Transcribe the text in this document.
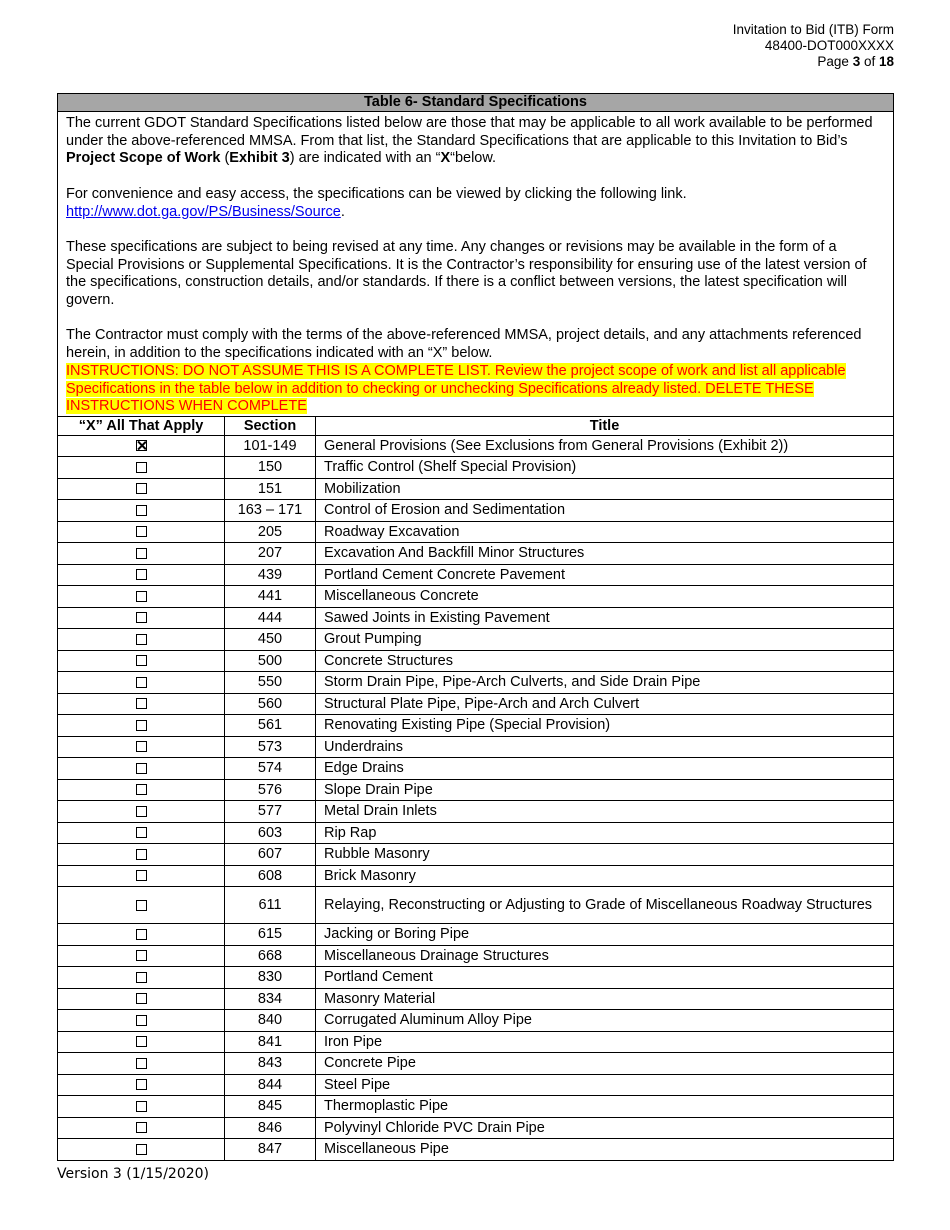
Invitation to Bid (ITB) Form
48400-DOT000XXXX
Page 3 of 18
Table 6- Standard Specifications

The current GDOT Standard Specifications listed below are those that may be applicable to all work available to be performed under the above-referenced MMSA. From that list, the Standard Specifications that are applicable to this Invitation to Bid’s Project Scope of Work (Exhibit 3) are indicated with an “X“below.

For convenience and easy access, the specifications can be viewed by clicking the following link.
http://www.dot.ga.gov/PS/Business/Source.

These specifications are subject to being revised at any time. Any changes or revisions may be available in the form of a Special Provisions or Supplemental Specifications. It is the Contractor’s responsibility for ensuring use of the latest version of the specifications, construction details, and/or standards. If there is a conflict between versions, the latest specification will govern.

The Contractor must comply with the terms of the above-referenced MMSA, project details, and any attachments referenced herein, in addition to the specifications indicated with an “X” below.
INSTRUCTIONS: DO NOT ASSUME THIS IS A COMPLETE LIST. Review the project scope of work and list all applicable Specifications in the table below in addition to checking or unchecking Specifications already listed. DELETE THESE INSTRUCTIONS WHEN COMPLETE

“X” All That Apply	Section	Title
	101-149	General Provisions (See Exclusions from General Provisions (Exhibit 2))
	150	Traffic Control (Shelf Special Provision)
	151	Mobilization
	163 – 171	Control of Erosion and Sedimentation
	205	Roadway Excavation
	207	Excavation And Backfill Minor Structures
	439	Portland Cement Concrete Pavement
	441	Miscellaneous Concrete
	444	Sawed Joints in Existing Pavement
	450	Grout Pumping
	500	Concrete Structures
	550	Storm Drain Pipe, Pipe-Arch Culverts, and Side Drain Pipe
	560	Structural Plate Pipe, Pipe-Arch and Arch Culvert
	561	Renovating Existing Pipe (Special Provision)
	573	Underdrains
	574	Edge Drains
	576	Slope Drain Pipe
	577	Metal Drain Inlets
	603	Rip Rap
	607	Rubble Masonry
	608	Brick Masonry
	611	Relaying, Reconstructing or Adjusting to Grade of Miscellaneous Roadway Structures
	615	Jacking or Boring Pipe
	668	Miscellaneous Drainage Structures
	830	Portland Cement
	834	Masonry Material
	840	Corrugated Aluminum Alloy Pipe
	841	Iron Pipe
	843	Concrete Pipe
	844	Steel Pipe
	845	Thermoplastic Pipe
	846	Polyvinyl Chloride PVC Drain Pipe
	847	Miscellaneous Pipe
Version 3 (1/15/2020)
